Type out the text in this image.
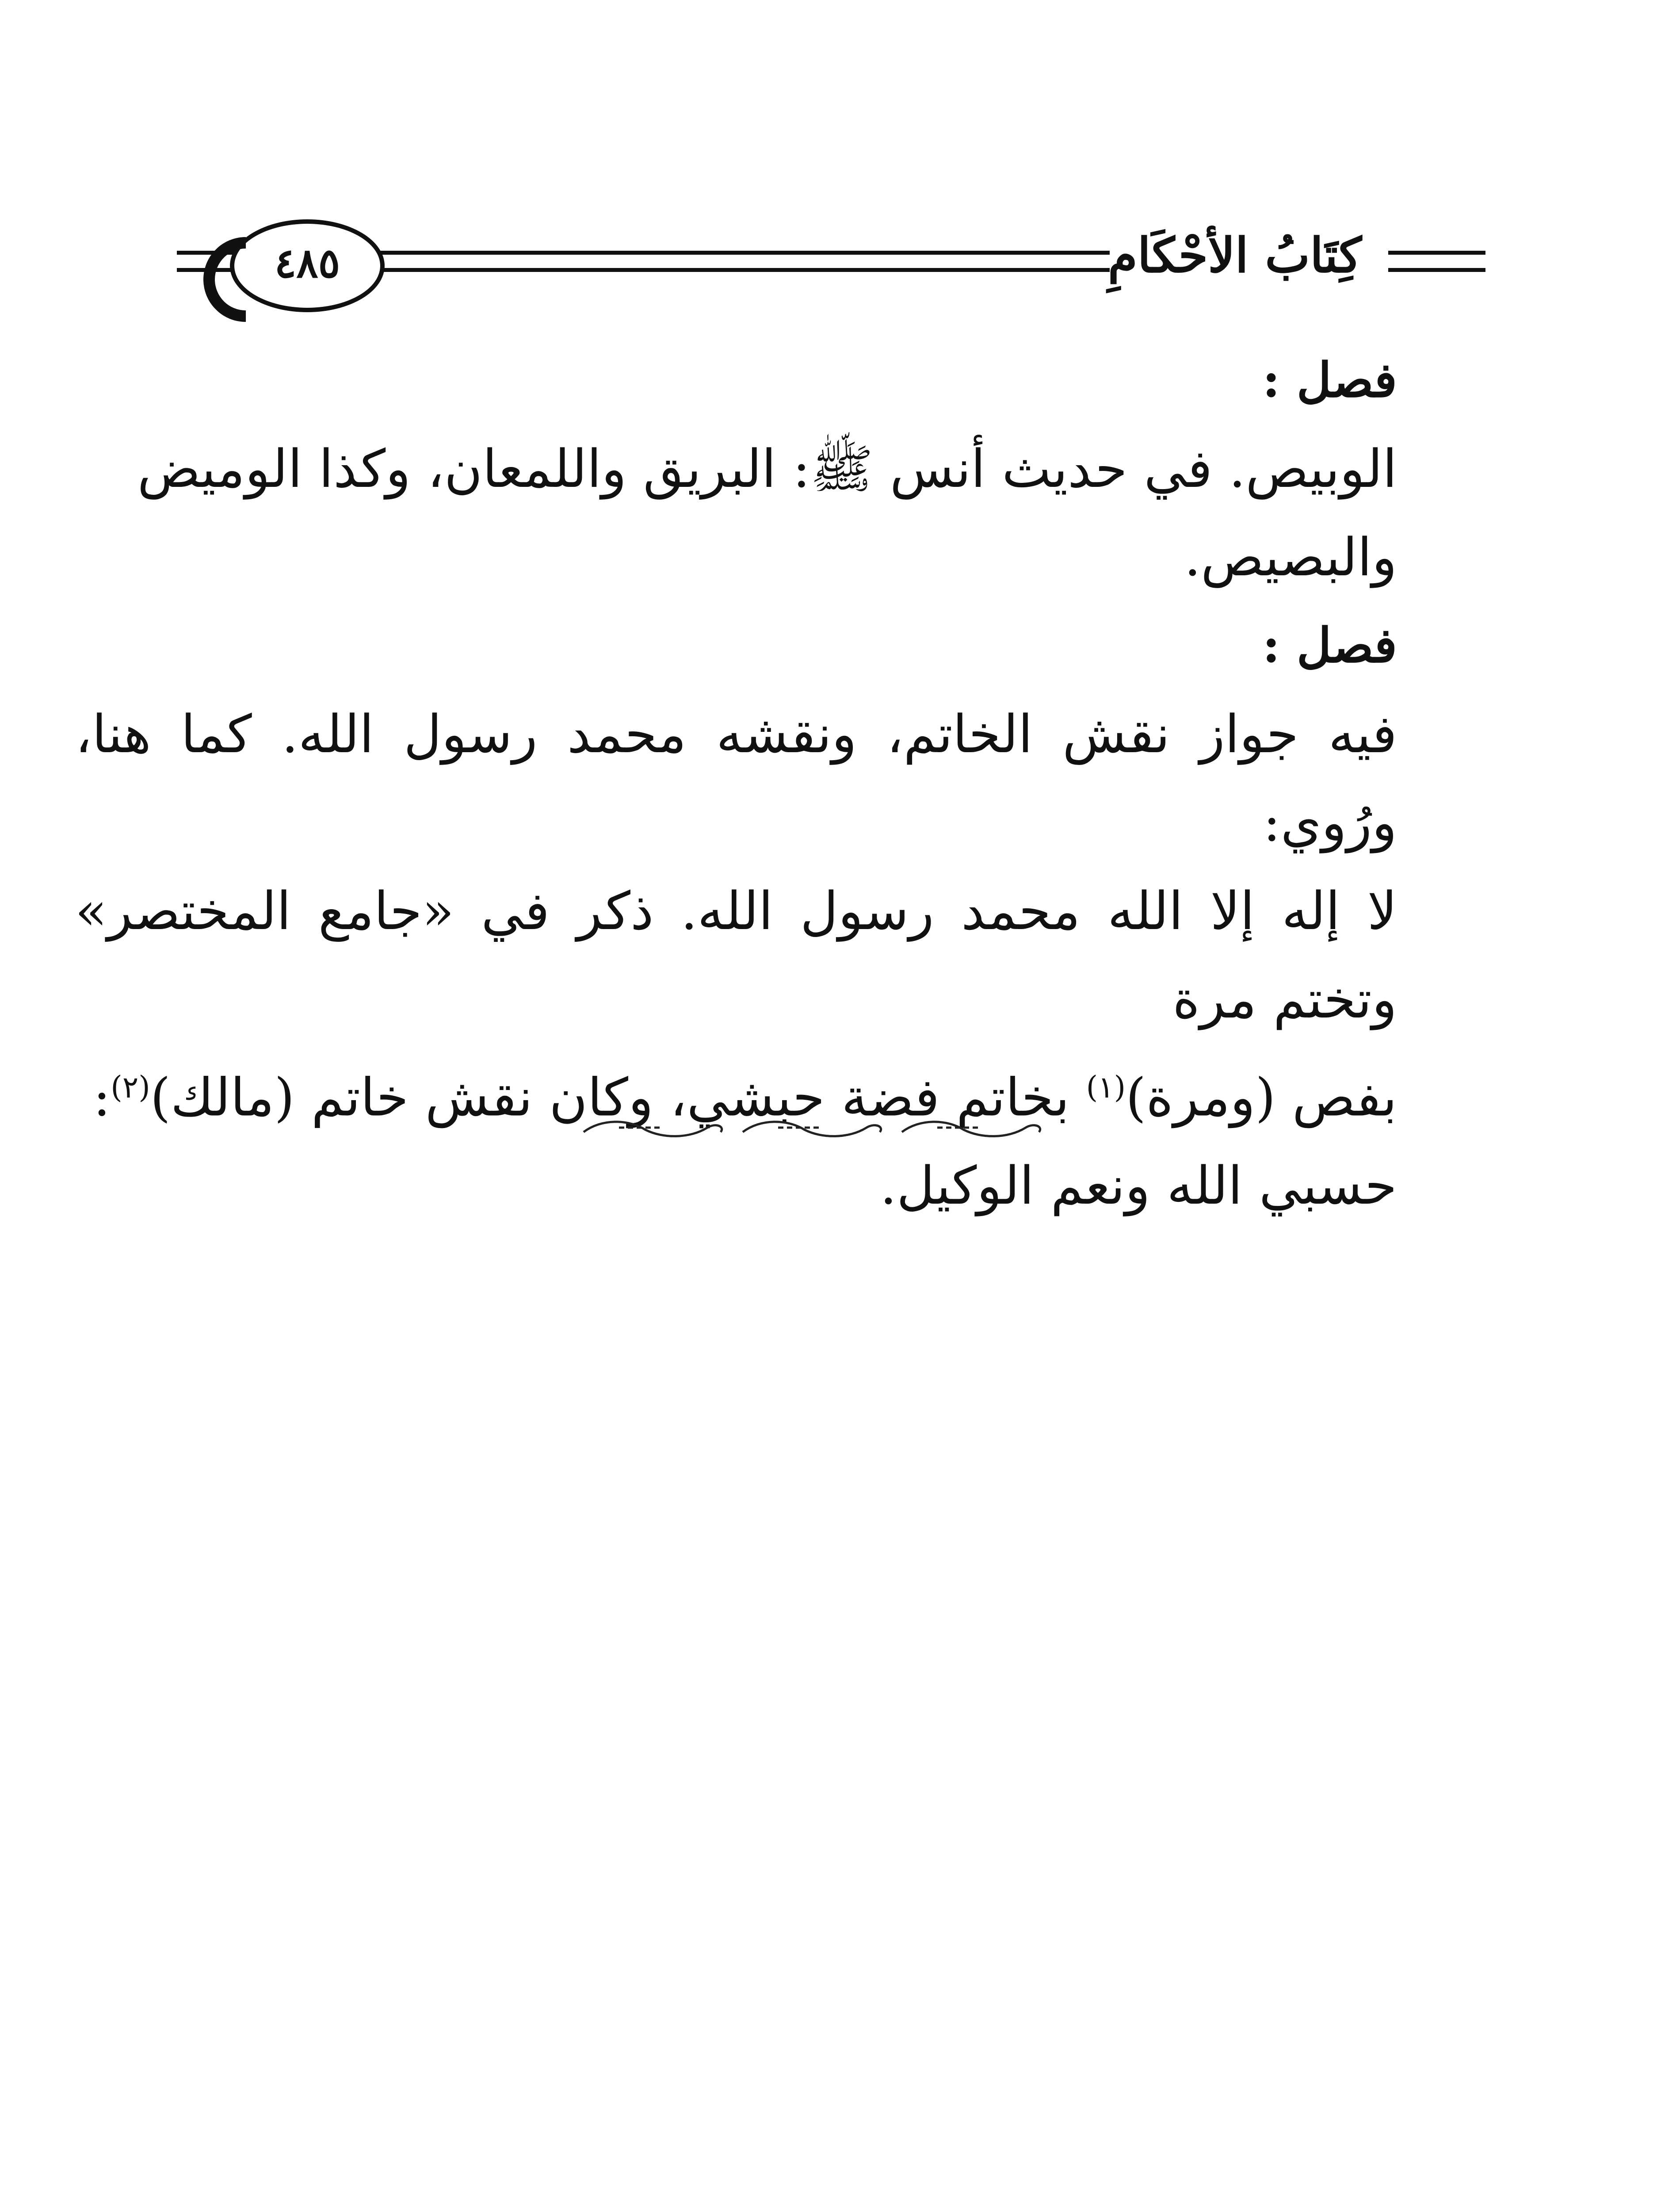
كِتَابُ الأحْكَامِ
٤٨٥
فصل :
الوبيص. في حديث أنس ﷺ: البريق واللمعان، وكذا الوميض
والبصيص.
فصل :
فيه جواز نقش الخاتم، ونقشه محمد رسول الله. كما هنا، ورُوي:
لا إله إلا الله محمد رسول الله. ذكر في «جامع المختصر» وتختم مرة
بفص (ومرة)$^{(١)}$ بخاتم فضة حبشي، وكان نقش خاتم (مالك)$^{(٢)}$:
حسبي الله ونعم الوكيل.
